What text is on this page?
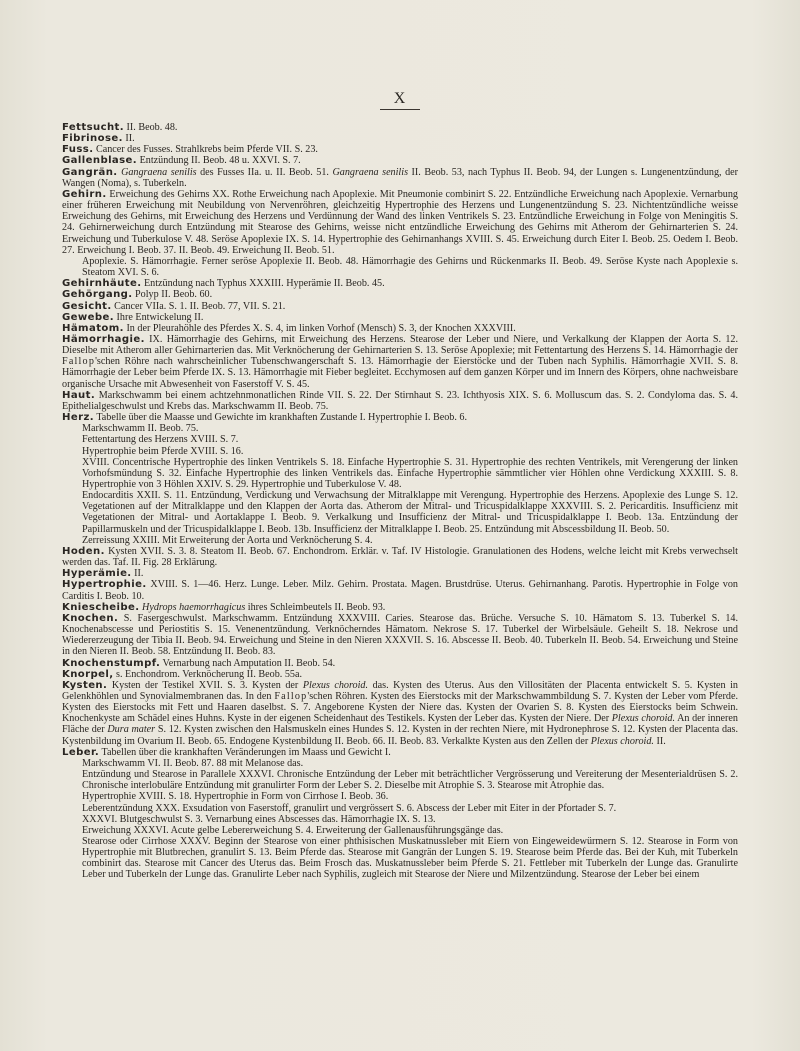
X

Fettsucht. II. Beob. 48.

Fibrinose. II.

Fuss. Cancer des Fusses. Strahlkrebs beim Pferde VII. S. 23.

Gallenblase. Entzündung II. Beob. 48 u. XXVI. S. 7.

Gangrän. Gangraena senilis des Fusses IIa. u. II. Beob. 51. Gangraena senilis II. Beob. 53, nach Typhus II. Beob. 94, der Lungen s. Lungenentzündung, der Wangen (Noma), s. Tuberkeln.

Gehirn. Erweichung des Gehirns XX. Rothe Erweichung nach Apoplexie. Mit Pneumonie combinirt S. 22. Entzündliche Erweichung nach Apoplexie. Vernarbung einer früheren Erweichung mit Neubildung von Nervenröhren, gleichzeitig Hypertrophie des Herzens und Lungenentzündung S. 23. Nichtentzündliche weisse Erweichung des Gehirns, mit Erweichung des Herzens und Verdünnung der Wand des linken Ventrikels S. 23. Entzündliche Erweichung in Folge von Meningitis S. 24. Gehirnerweichung durch Entzündung mit Stearose des Gehirns, weisse nicht entzündliche Erweichung des Gehirns mit Atherom der Gehirnarterien S. 24. Erweichung und Tuberkulose V. 48. Seröse Apoplexie IX. S. 14. Hypertrophie des Gehirnanhangs XVIII. S. 45. Erweichung durch Eiter I. Beob. 25. Oedem I. Beob. 27. Erweichung I. Beob. 37. II. Beob. 49. Erweichung II. Beob. 51.

Apoplexie. S. Hämorrhagie. Ferner seröse Apoplexie II. Beob. 48. Hämorrhagie des Gehirns und Rückenmarks II. Beob. 49. Seröse Kyste nach Apoplexie s. Steatom XVI. S. 6.

Gehirnhäute. Entzündung nach Typhus XXXIII. Hyperämie II. Beob. 45.

Gehörgang. Polyp II. Beob. 60.

Gesicht. Cancer VIIa. S. 1. II. Beob. 77, VII. S. 21.

Gewebe. Ihre Entwickelung II.

Hämatom. In der Pleurahöhle des Pferdes X. S. 4, im linken Vorhof (Mensch) S. 3, der Knochen XXXVIII.

Hämorrhagie. IX. Hämorrhagie des Gehirns, mit Erweichung des Herzens. Stearose der Leber und Niere, und Verkalkung der Klappen der Aorta S. 12. Dieselbe mit Atherom aller Gehirnarterien das. Mit Verknöcherung der Gehirnarterien S. 13. Seröse Apoplexie; mit Fettentartung des Herzens S. 14. Hämorrhagie der Fallop'schen Röhre nach wahrscheinlicher Tubenschwangerschaft S. 13. Hämorrhagie der Eierstöcke und der Tuben nach Syphilis. Hämorrhagie XVII. S. 8. Hämorrhagie der Leber beim Pferde IX. S. 13. Hämorrhagie mit Fieber begleitet. Ecchymosen auf dem ganzen Körper und im Innern des Körpers, ohne nachweisbare organische Ursache mit Abwesenheit von Faserstoff V. S. 45.

Haut. Markschwamm bei einem achtzehnmonatlichen Rinde VII. S. 22. Der Stirnhaut S. 23. Ichthyosis XIX. S. 6. Molluscum das. S. 2. Condyloma das. S. 4. Epithelialgeschwulst und Krebs das. Markschwamm II. Beob. 75.

Herz. Tabelle über die Maasse und Gewichte im krankhaften Zustande I. Hypertrophie I. Beob. 6.

Markschwamm II. Beob. 75.

Fettentartung des Herzens XVIII. S. 7.

Hypertrophie beim Pferde XVIII. S. 16.

XVIII. Concentrische Hypertrophie des linken Ventrikels S. 18. Einfache Hypertrophie S. 31. Hypertrophie des rechten Ventrikels, mit Verengerung der linken Vorhofsmündung S. 32. Einfache Hypertrophie des linken Ventrikels das. Einfache Hypertrophie sämmtlicher vier Höhlen ohne Verdickung XXXIII. S. 8. Hypertrophie von 3 Höhlen XXIV. S. 29. Hypertrophie und Tuberkulose V. 48.

Endocarditis XXII. S. 11. Entzündung, Verdickung und Verwachsung der Mitralklappe mit Verengung. Hypertrophie des Herzens. Apoplexie des Lunge S. 12. Vegetationen auf der Mitralklappe und den Klappen der Aorta das. Atherom der Mitral- und Tricuspidalklappe XXXVIII. S. 2. Pericarditis. Insufficienz mit Vegetationen der Mitral- und Aortaklappe I. Beob. 9. Verkalkung und Insufficienz der Mitral- und Tricuspidalklappe I. Beob. 13a. Entzündung der Papillarmuskeln und der Tricuspidalklappe I. Beob. 13b. Insufficienz der Mitralklappe I. Beob. 25. Entzündung mit Abscessbildung II. Beob. 50.

Zerreissung XXIII. Mit Erweiterung der Aorta und Verknöcherung S. 4.

Hoden. Kysten XVII. S. 3. 8. Steatom II. Beob. 67. Enchondrom. Erklär. v. Taf. IV Histologie. Granulationen des Hodens, welche leicht mit Krebs verwechselt werden das. Taf. II. Fig. 28 Erklärung.

Hyperämie. II.

Hypertrophie. XVIII. S. 1—46. Herz. Lunge. Leber. Milz. Gehirn. Prostata. Magen. Brustdrüse. Uterus. Gehirnanhang. Parotis. Hypertrophie in Folge von Carditis I. Beob. 10.

Kniescheibe. Hydrops haemorrhagicus ihres Schleimbeutels II. Beob. 93.

Knochen. S. Fasergeschwulst. Markschwamm. Entzündung XXXVIII. Caries. Stearose das. Brüche. Versuche S. 10. Hämatom S. 13. Tuberkel S. 14. Knochenabscesse und Periostitis S. 15. Venenentzündung. Verknöcherndes Hämatom. Nekrose S. 17. Tuberkel der Wirbelsäule. Geheilt S. 18. Nekrose und Wiedererzeugung der Tibia II. Beob. 94. Erweichung und Steine in den Nieren XXXVII. S. 16. Abscesse II. Beob. 40. Tuberkeln II. Beob. 54. Erweichung und Steine in den Nieren II. Beob. 58. Entzündung II. Beob. 83.

Knochenstumpf. Vernarbung nach Amputation II. Beob. 54.

Knorpel, s. Enchondrom. Verknöcherung II. Beob. 55a.

Kysten. Kysten der Testikel XVII. S. 3. Kysten der Plexus choroid. das. Kysten des Uterus. Aus den Villositäten der Placenta entwickelt S. 5. Kysten in Gelenkhöhlen und Synovialmembranen das. In den Fallop'schen Röhren. Kysten des Eierstocks mit der Markschwammbildung S. 7. Kysten der Leber vom Pferde. Kysten des Eierstocks mit Fett und Haaren daselbst. S. 7. Angeborene Kysten der Niere das. Kysten der Ovarien S. 8. Kysten des Eierstocks beim Schwein. Knochenkyste am Schädel eines Huhns. Kyste in der eigenen Scheidenhaut des Testikels. Kysten der Leber das. Kysten der Niere. Der Plexus choroid. An der inneren Fläche der Dura mater S. 12. Kysten zwischen den Halsmuskeln eines Hundes S. 12. Kysten in der rechten Niere, mit Hydronephrose S. 12. Kysten der Placenta das. Kystenbildung im Ovarium II. Beob. 65. Endogene Kystenbildung II. Beob. 66. II. Beob. 83. Verkalkte Kysten aus den Zellen der Plexus choroid. II.

Leber. Tabellen über die krankhaften Veränderungen im Maass und Gewicht I.

Markschwamm VI. II. Beob. 87. 88 mit Melanose das.

Entzündung und Stearose in Parallele XXXVI. Chronische Entzündung der Leber mit beträchtlicher Vergrösserung und Vereiterung der Mesenterialdrüsen S. 2. Chronische interlobuläre Entzündung mit granulirter Form der Leber S. 2. Dieselbe mit Atrophie S. 3. Stearose mit Atrophie das.

Hypertrophie XVIII. S. 18. Hypertrophie in Form von Cirrhose I. Beob. 36.

Leberentzündung XXX. Exsudation von Faserstoff, granulirt und vergrössert S. 6. Abscess der Leber mit Eiter in der Pfortader S. 7.

XXXVI. Blutgeschwulst S. 3. Vernarbung eines Abscesses das. Hämorrhagie IX. S. 13.

Erweichung XXXVI. Acute gelbe Lebererweichung S. 4. Erweiterung der Gallenausführungsgänge das.

Stearose oder Cirrhose XXXV. Beginn der Stearose von einer phthisischen Muskatnussleber mit Eiern von Eingeweidewürmern S. 12. Stearose in Form von Hypertrophie mit Blutbrechen, granulirt S. 13. Beim Pferde das. Stearose mit Gangrän der Lungen S. 19. Stearose beim Pferde das. Bei der Kuh, mit Tuberkeln combinirt das. Stearose mit Cancer des Uterus das. Beim Frosch das. Muskatnussleber beim Pferde S. 21. Fettleber mit Tuberkeln der Lunge das. Granulirte Leber und Tuberkeln der Lunge das. Granulirte Leber nach Syphilis, zugleich mit Stearose der Niere und Milzentzündung. Stearose der Leber bei einem
